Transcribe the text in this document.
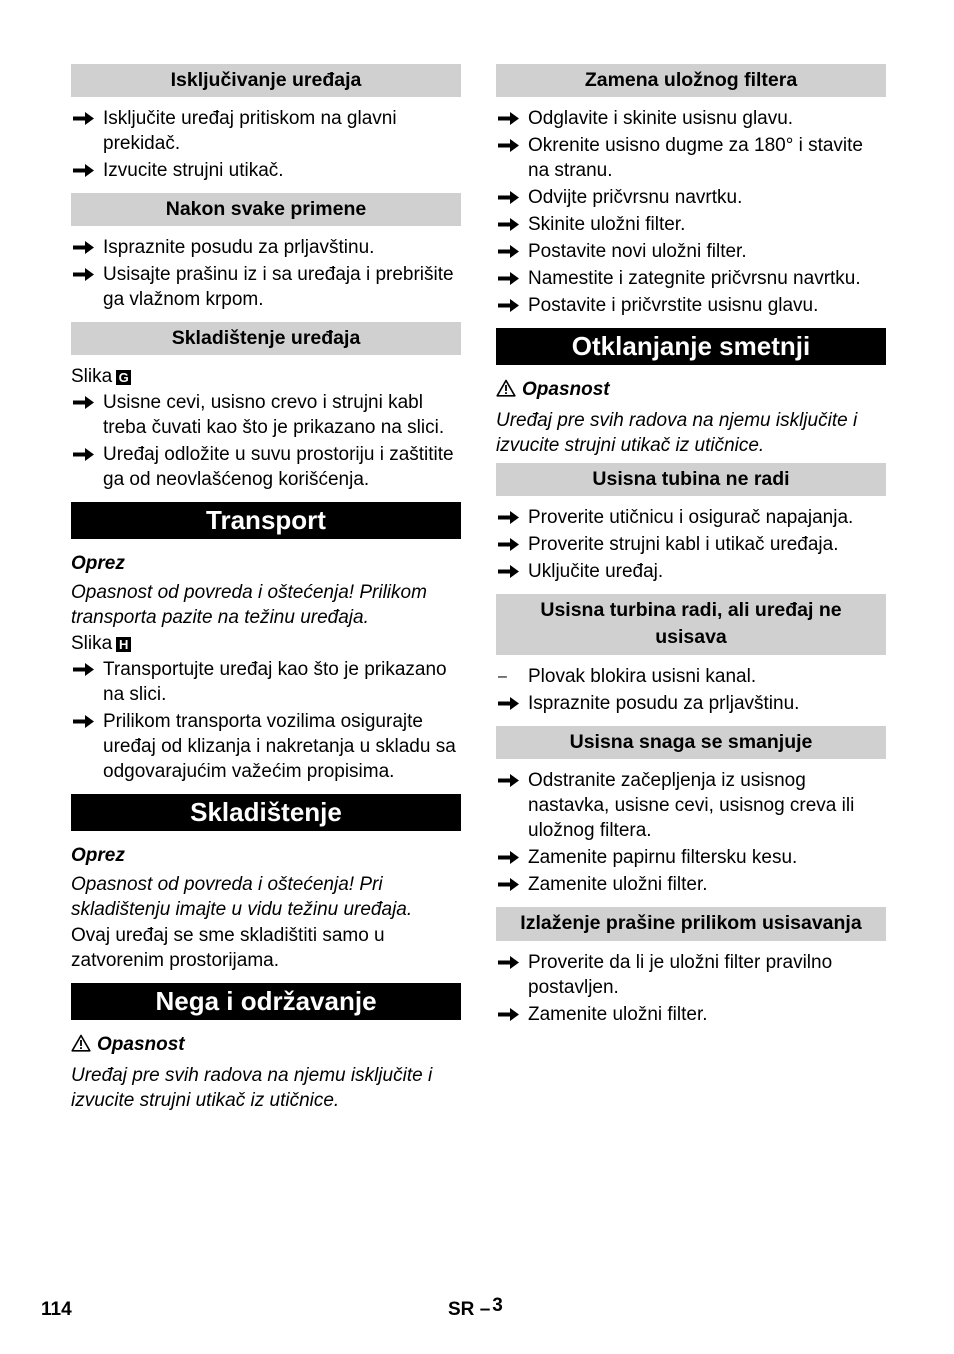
Isključivanje uređaja
Isključite uređaj pritiskom na glavni prekidač.
Izvucite strujni utikač.
Nakon svake primene
Ispraznite posudu za prljavštinu.
Usisajte prašinu iz i sa uređaja i prebrišite ga vlažnom krpom.
Skladištenje uređaja
Slika G
Usisne cevi, usisno crevo i strujni kabl treba čuvati kao što je prikazano na slici.
Uređaj odložite u suvu prostoriju i zaštitite ga od neovlašćenog korišćenja.
Transport
Oprez
Opasnost od povreda i oštećenja! Prilikom transporta pazite na težinu uređaja.
Slika H
Transportujte uređaj kao što je prikazano na slici.
Prilikom transporta vozilima osigurajte uređaj od klizanja i nakretanja u skladu sa odgovarajućim važećim propisima.
Skladištenje
Oprez
Opasnost od povreda i oštećenja! Pri skladištenju imajte u vidu težinu uređaja.
Ovaj uređaj se sme skladištiti samo u zatvorenim prostorijama.
Nega i održavanje
Opasnost
Uređaj pre svih radova na njemu isključite i izvucite strujni utikač iz utičnice.
Zamena uložnog filtera
Odglavite i skinite usisnu glavu.
Okrenite usisno dugme za 180° i stavite na stranu.
Odvijte pričvrsnu navrtku.
Skinite uložni filter.
Postavite novi uložni filter.
Namestite i zategnite pričvrsnu navrtku.
Postavite i pričvrstite usisnu glavu.
Otklanjanje smetnji
Opasnost
Uređaj pre svih radova na njemu isključite i izvucite strujni utikač iz utičnice.
Usisna tubina ne radi
Proverite utičnicu i osigurač napajanja.
Proverite strujni kabl i utikač uređaja.
Uključite uređaj.
Usisna turbina radi, ali uređaj ne usisava
– Plovak blokira usisni kanal.
Ispraznite posudu za prljavštinu.
Usisna snaga se smanjuje
Odstranite začepljenja iz usisnog nastavka, usisne cevi, usisnog creva ili uložnog filtera.
Zamenite papirnu filtersku kesu.
Zamenite uložni filter.
Izlaženje prašine prilikom usisavanja
Proverite da li je uložni filter pravilno postavljen.
Zamenite uložni filter.
114	SR – 3
